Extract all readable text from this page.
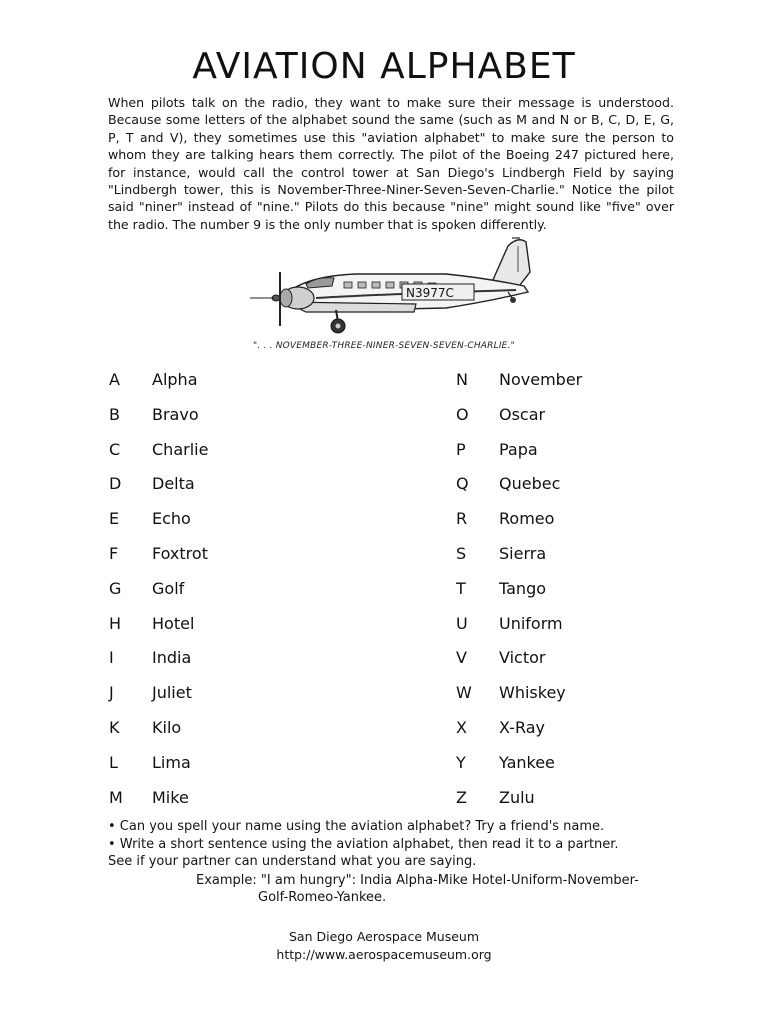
AVIATION ALPHABET
When pilots talk on the radio, they want to make sure their message is understood. Because some letters of the alphabet sound the same (such as M and N or B, C, D, E, G, P, T and V), they sometimes use this "aviation alphabet" to make sure the person to whom they are talking hears them correctly. The pilot of the Boeing 247 pictured here, for instance, would call the control tower at San Diego's Lindbergh Field by saying "Lindbergh tower, this is November-Three-Niner-Seven-Seven-Charlie." Notice the pilot said "niner" instead of "nine." Pilots do this because "nine" might sound like "five" over the radio. The number 9 is the only number that is spoken differently.
N3977C
". . . NOVEMBER-THREE-NINER-SEVEN-SEVEN-CHARLIE."
A Alpha
B Bravo
C Charlie
D Delta
E Echo
F Foxtrot
G Golf
H Hotel
I India
J Juliet
K Kilo
L Lima
M Mike
N November
O Oscar
P Papa
Q Quebec
R Romeo
S Sierra
T Tango
U Uniform
V Victor
W Whiskey
X X-Ray
Y Yankee
Z Zulu
• Can you spell your name using the aviation alphabet? Try a friend's name.
• Write a short sentence using the aviation alphabet, then read it to a partner.
See if your partner can understand what you are saying.
Example: "I am hungry": India Alpha-Mike Hotel-Uniform-November-
Golf-Romeo-Yankee.
San Diego Aerospace Museum
http://www.aerospacemuseum.org
